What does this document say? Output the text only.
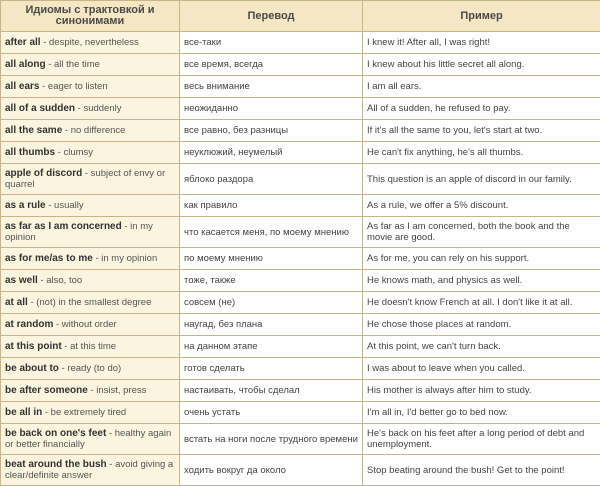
Идиомы с трактовкой и синонимами	Перевод	Пример
after all - despite, nevertheless	все-таки	I knew it! After all, I was right!
all along - all the time	все время, всегда	I knew about his little secret all along.
all ears - eager to listen	весь внимание	I am all ears.
all of a sudden - suddenly	неожиданно	All of a sudden, he refused to pay.
all the same - no difference	все равно, без разницы	If it's all the same to you, let's start at two.
all thumbs - clumsy	неуклюжий, неумелый	He can't fix anything, he's all thumbs.
apple of discord - subject of envy or quarrel	яблоко раздора	This question is an apple of discord in our family.
as a rule - usually	как правило	As a rule, we offer a 5% discount.
as far as I am concerned - in my opinion	что касается меня, по моему мнению	As far as I am concerned, both the book and the movie are good.
as for me/as to me - in my opinion	по моему мнению	As for me, you can rely on his support.
as well - also, too	тоже, также	He knows math, and physics as well.
at all - (not) in the smallest degree	совсем (не)	He doesn't know French at all. I don't like it at all.
at random - without order	наугад, без плана	He chose those places at random.
at this point - at this time	на данном этапе	At this point, we can't turn back.
be about to - ready (to do)	готов сделать	I was about to leave when you called.
be after someone - insist, press	настаивать, чтобы сделал	His mother is always after him to study.
be all in - be extremely tired	очень устать	I'm all in, I'd better go to bed now.
be back on one's feet - healthy again or better financially	встать на ноги после трудного времени	He's back on his feet after a long period of debt and unemployment.
beat around the bush - avoid giving a clear/definite answer	ходить вокруг да около	Stop beating around the bush! Get to the point!
